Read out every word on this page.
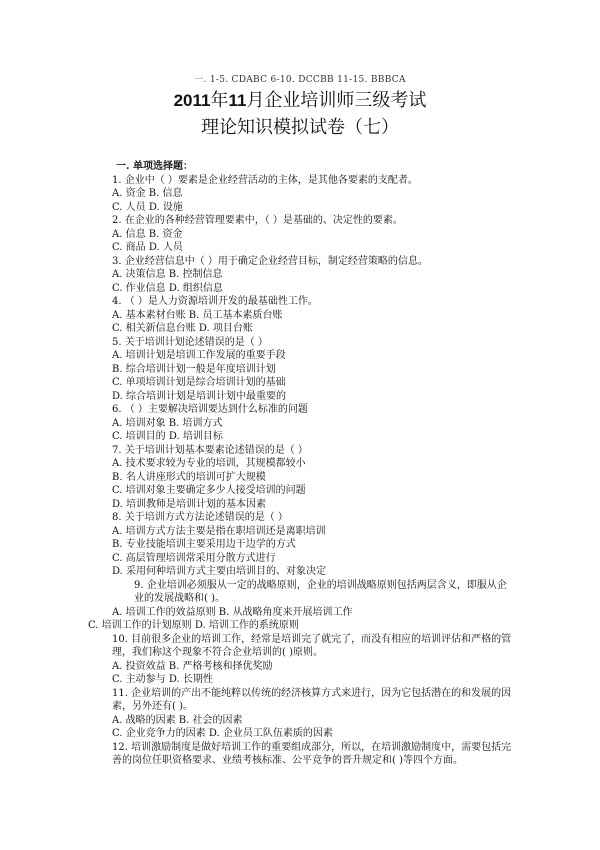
一. 1-5. CDABC 6-10. DCCBB 11-15. BBBCA
2011年11月企业培训师三级考试
理论知识模拟试卷（七）
一. 单项选择题：
1. 企业中（ ）要素是企业经营活动的主体，是其他各要素的支配者。
A. 资金 B. 信息
C. 人员 D. 设施
2. 在企业的各种经营管理要素中，（ ）是基础的、决定性的要素。
A. 信息 B. 资金
C. 商品 D. 人员
3. 企业经营信息中（ ）用于确定企业经营目标，制定经营策略的信息。
A. 决策信息 B. 控制信息
C. 作业信息 D. 组织信息
4. （ ）是人力资源培训开发的最基础性工作。
A. 基本素材台账 B. 员工基本素质台账
C. 相关新信息台账 D. 项目台账
5. 关于培训计划论述错误的是（ ）
A. 培训计划是培训工作发展的重要手段
B. 综合培训计划一般是年度培训计划
C. 单项培训计划是综合培训计划的基础
D. 综合培训计划是培训计划中最重要的
6. （ ）主要解决培训要达到什么标准的问题
A. 培训对象 B. 培训方式
C. 培训目的 D. 培训目标
7. 关于培训计划基本要素论述错误的是（ ）
A. 技术要求较为专业的培训，其规模都较小
B. 名人讲座形式的培训可扩大规模
C. 培训对象主要确定多少人接受培训的问题
D. 培训教师是培训计划的基本因素
8. 关于培训方式方法论述错误的是（ ）
A. 培训方式方法主要是指在职培训还是离职培训
B. 专业技能培训主要采用边干边学的方式
C. 高层管理培训常采用分散方式进行
D. 采用何种培训方式主要由培训目的、对象决定
9. 企业培训必须服从一定的战略原则，企业的培训战略原则包括两层含义，即服从企业的发展战略和( )。
A. 培训工作的效益原则 B. 从战略角度来开展培训工作
C. 培训工作的计划原则 D. 培训工作的系统原则
10. 目前很多企业的培训工作，经常是培训完了就完了，而没有相应的培训评估和严格的管理，我们称这个现象不符合企业培训的( )原则。
A. 投资效益 B. 严格考核和择优奖励
C. 主动参与 D. 长期性
11. 企业培训的产出不能纯粹以传统的经济核算方式来进行，因为它包括潜在的和发展的因素，另外还有( )。
A. 战略的因素 B. 社会的因素
C. 企业竞争力的因素 D. 企业员工队伍素质的因素
12. 培训激励制度是做好培训工作的重要组成部分，所以，在培训激励制度中，需要包括完善的岗位任职资格要求、业绩考核标准、公平竞争的晋升规定和( )等四个方面。
